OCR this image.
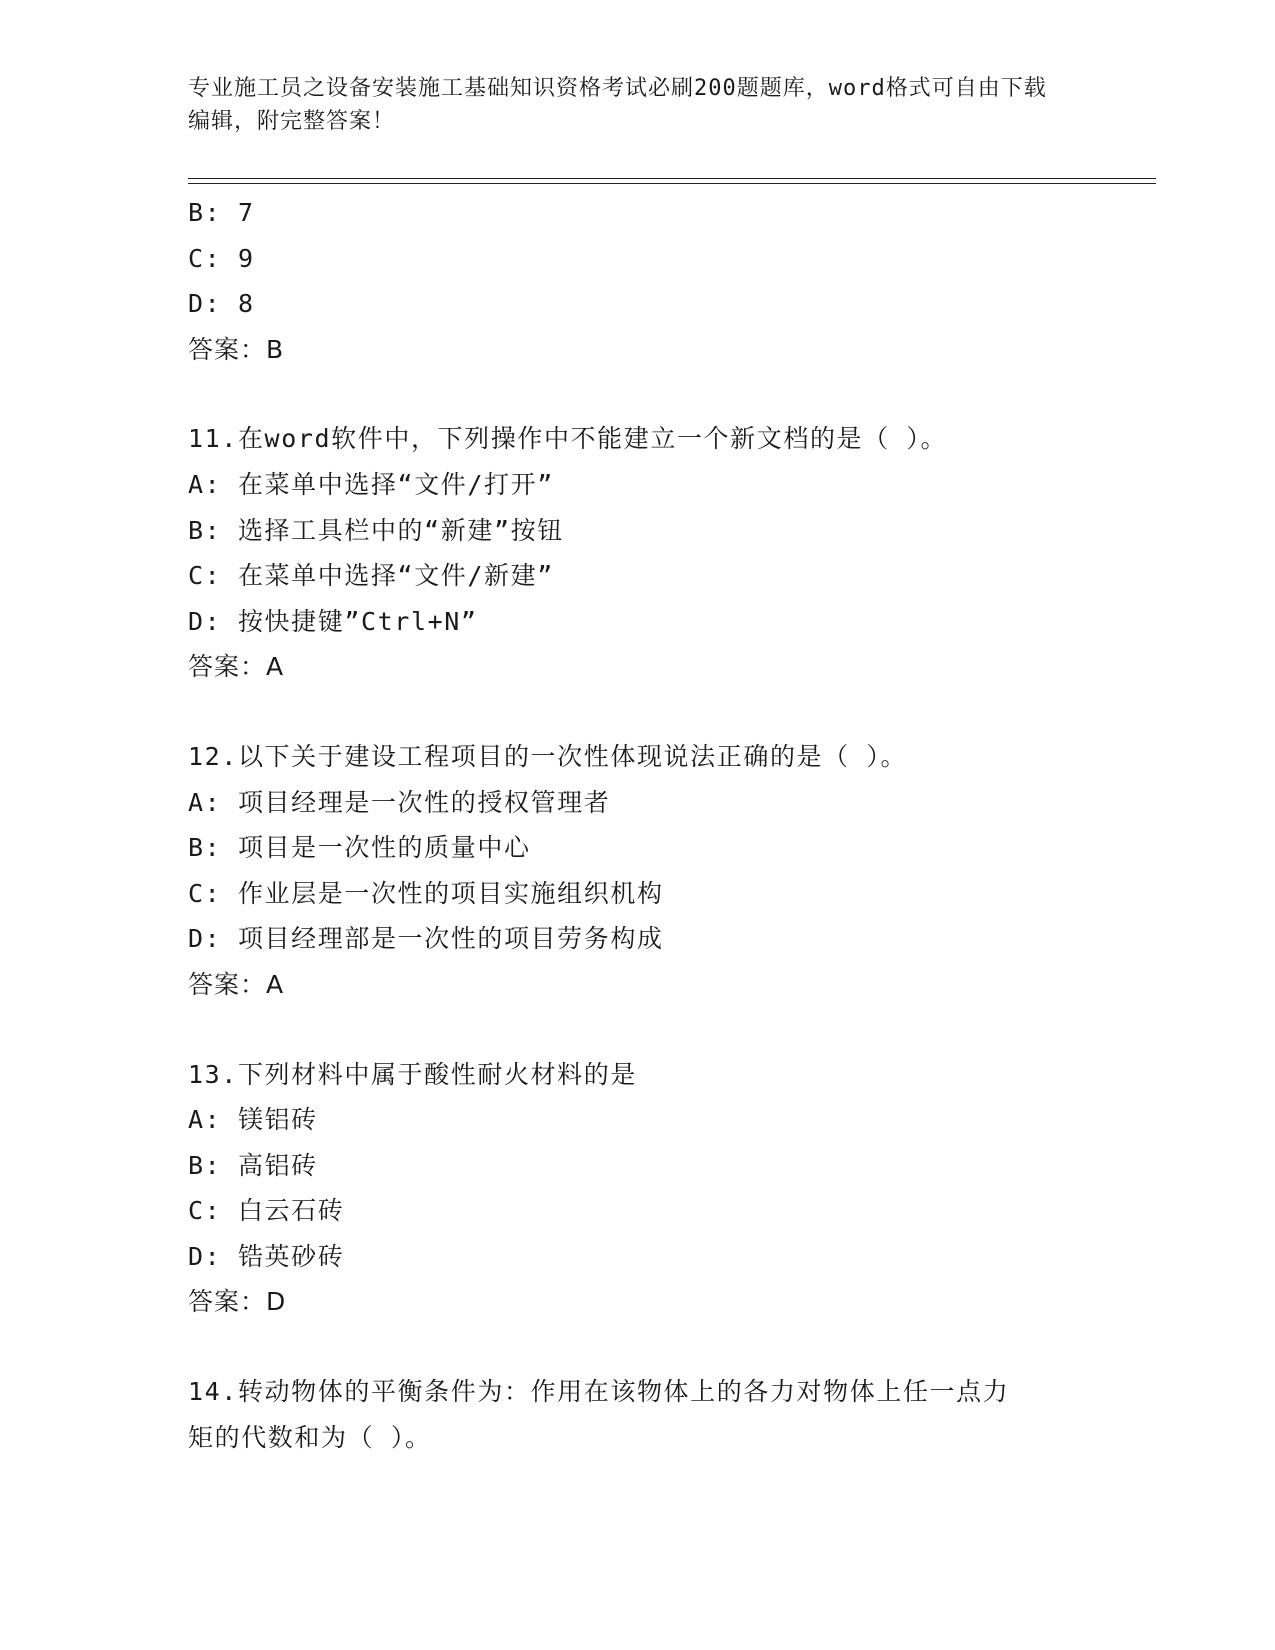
专业施工员之设备安装施工基础知识资格考试必刷200题题库，word格式可自由下载编辑，附完整答案！
B: 7
C: 9
D: 8
答案：B
11.在word软件中，下列操作中不能建立一个新文档的是（ ）。
A: 在菜单中选择“文件/打开”
B: 选择工具栏中的“新建”按钮
C: 在菜单中选择“文件/新建”
D: 按快捷键”Ctrl+N”
答案：A
12.以下关于建设工程项目的一次性体现说法正确的是（ ）。
A: 项目经理是一次性的授权管理者
B: 项目是一次性的质量中心
C: 作业层是一次性的项目实施组织机构
D: 项目经理部是一次性的项目劳务构成
答案：A
13.下列材料中属于酸性耐火材料的是
A: 镁铝砖
B: 高铝砖
C: 白云石砖
D: 锆英砂砖
答案：D
14.转动物体的平衡条件为：作用在该物体上的各力对物体上任一点力
矩的代数和为（ ）。
